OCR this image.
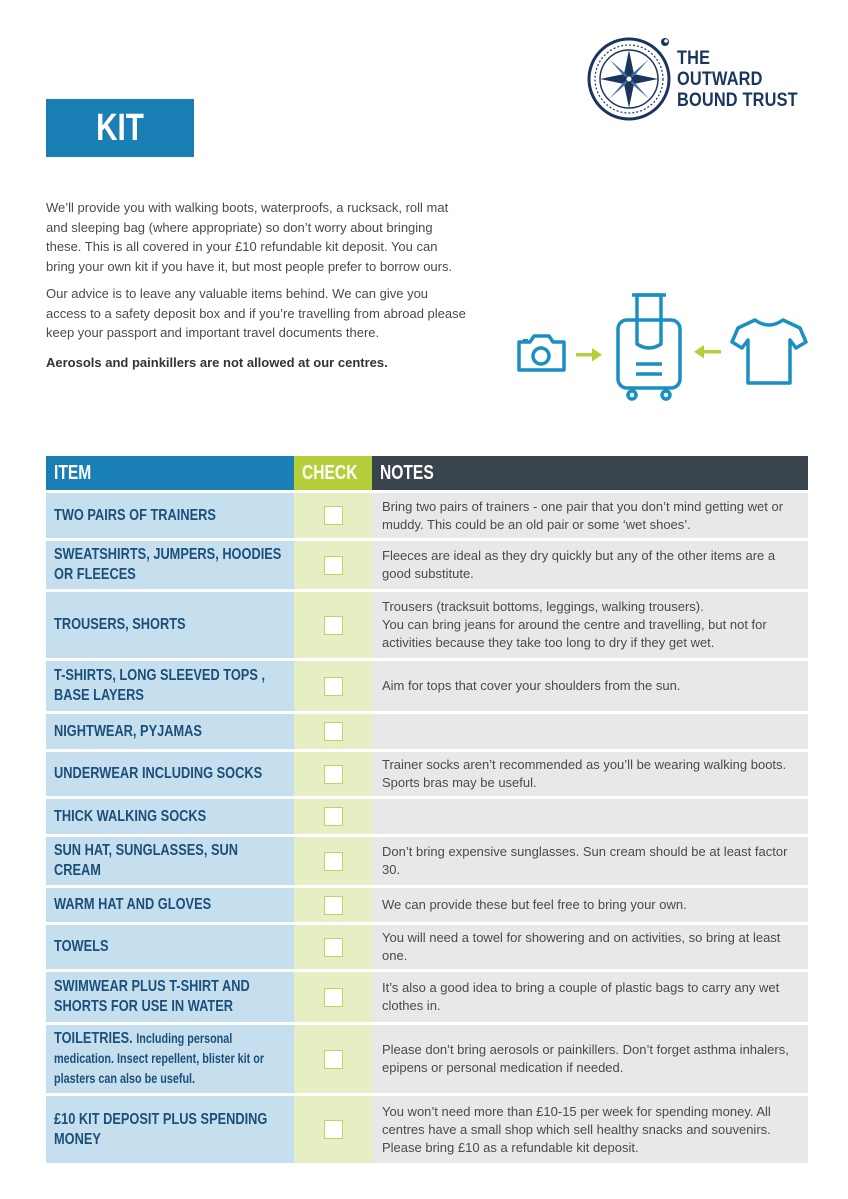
THE
OUTWARD
BOUND TRUST
KIT LIST

We’ll provide you with walking boots, waterproofs, a rucksack, roll mat and sleeping bag (where appropriate) so don’t worry about bringing these. This is all covered in your £10 refundable kit deposit. You can bring your own kit if you have it, but most people prefer to borrow ours.

Our advice is to leave any valuable items behind. We can give you access to a safety deposit box and if you’re travelling from abroad please keep your passport and important travel documents there.

Aerosols and painkillers are not allowed at our centres.

ITEM	CHECK	NOTES

TWO PAIRS OF TRAINERS		Bring two pairs of trainers - one pair that you don’t mind getting wet or muddy. This could be an old pair or some ‘wet shoes’.

SWEATSHIRTS, JUMPERS, HOODIES OR FLEECES		Fleeces are ideal as they dry quickly but any of the other items are a good substitute.

TROUSERS, SHORTS		Trousers (tracksuit bottoms, leggings, walking trousers).
You can bring jeans for around the centre and travelling, but not for activities because they take too long to dry if they get wet.

T-SHIRTS, LONG SLEEVED TOPS , BASE LAYERS		Aim for tops that cover your shoulders from the sun.

NIGHTWEAR, PYJAMAS		

UNDERWEAR INCLUDING SOCKS		Trainer socks aren’t recommended as you’ll be wearing walking boots. Sports bras may be useful.

THICK WALKING SOCKS		

SUN HAT, SUNGLASSES, SUN CREAM		Don’t bring expensive sunglasses. Sun cream should be at least factor 30.

WARM HAT AND GLOVES		We can provide these but feel free to bring your own.

TOWELS		You will need a towel for showering and on activities, so bring at least one.

SWIMWEAR PLUS T-SHIRT AND SHORTS FOR USE IN WATER		It’s also a good idea to bring a couple of plastic bags to carry any wet clothes in.

TOILETRIES. Including personal medication. Insect repellent, blister kit or plasters can also be useful.		Please don’t bring aerosols or painkillers. Don’t forget asthma inhalers, epipens or personal medication if needed.

£10 KIT DEPOSIT PLUS SPENDING MONEY		You won’t need more than £10-15 per week for spending money. All centres have a small shop which sell healthy snacks and souvenirs. Please bring £10 as a refundable kit deposit.
